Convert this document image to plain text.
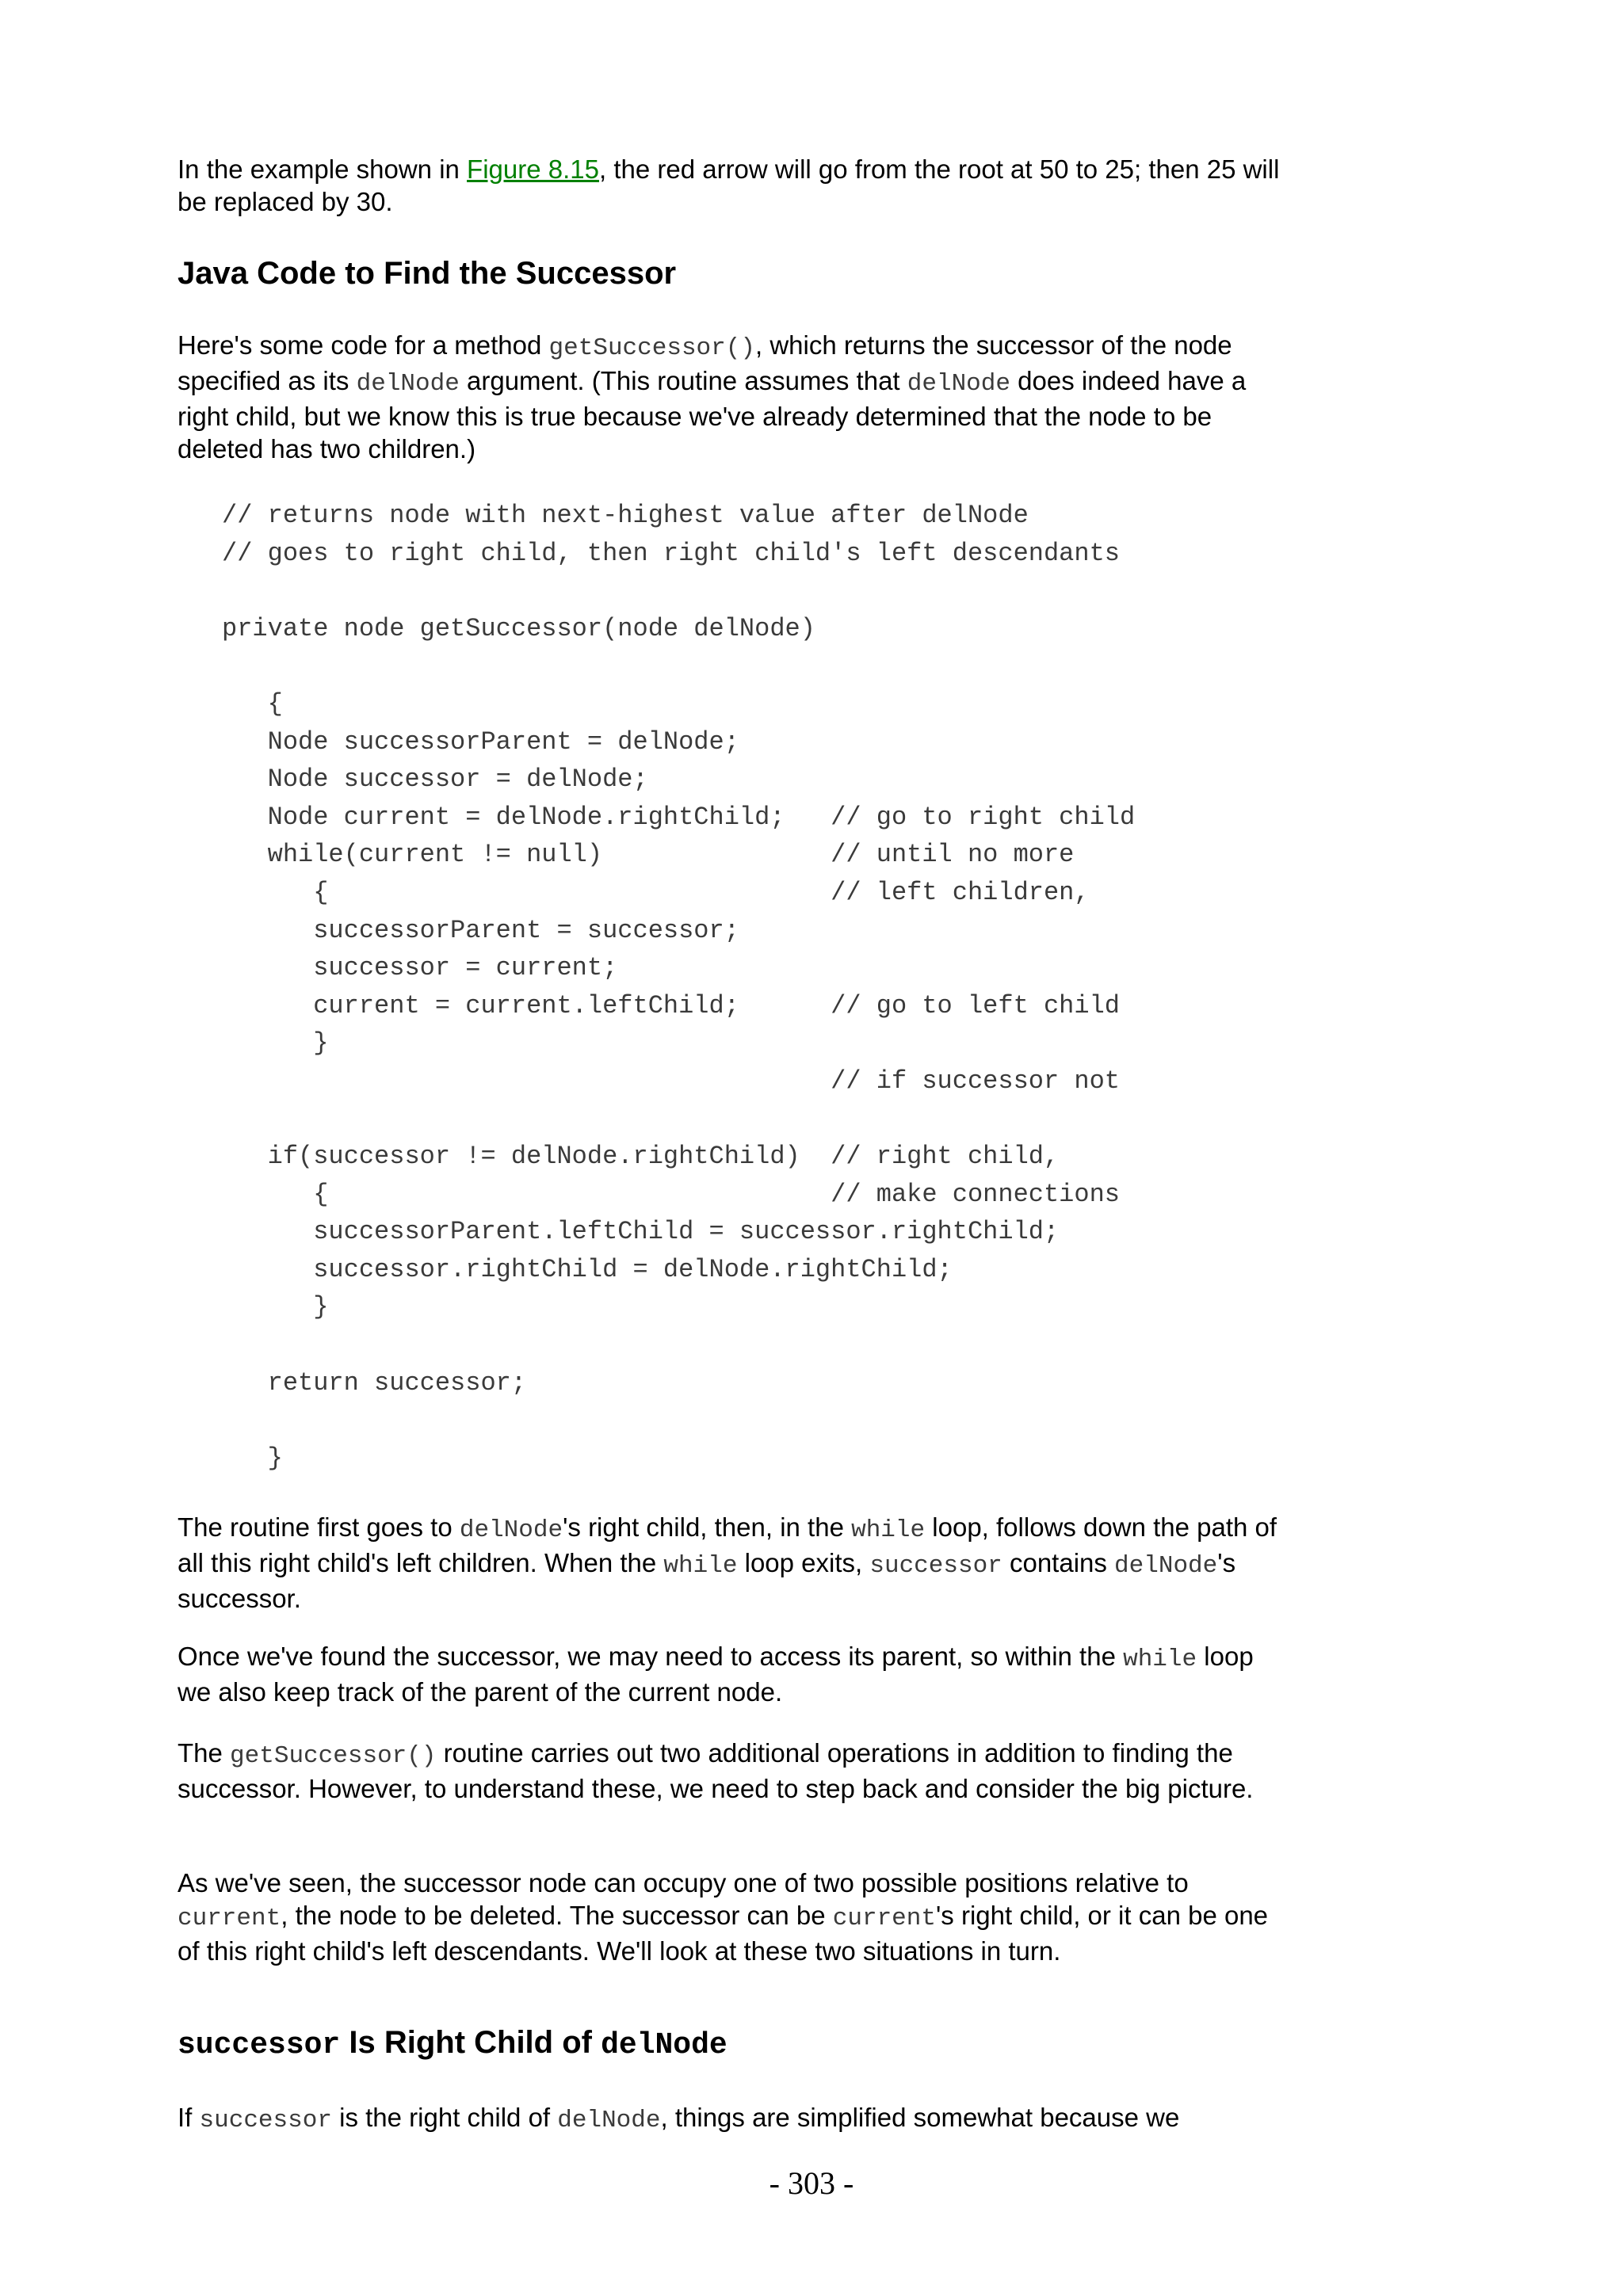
In the example shown in Figure 8.15, the red arrow will go from the root at 50 to 25; then 25 will be replaced by 30.

Java Code to Find the Successor

Here's some code for a method getSuccessor(), which returns the successor of the node specified as its delNode argument. (This routine assumes that delNode does indeed have a right child, but we know this is true because we've already determined that the node to be deleted has two children.)

// returns node with next-highest value after delNode
// goes to right child, then right child's left descendants
private node getSuccessor(node delNode)
{
Node successorParent = delNode;
Node successor = delNode;
Node current = delNode.rightChild;   // go to right child
while(current != null)               // until no more
{                                 // left children,
successorParent = successor;
successor = current;
current = current.leftChild;      // go to left child
}
// if successor not
if(successor != delNode.rightChild)  // right child,
{                                 // make connections
successorParent.leftChild = successor.rightChild;
successor.rightChild = delNode.rightChild;
}
return successor;
}

The routine first goes to delNode's right child, then, in the while loop, follows down the path of all this right child's left children. When the while loop exits, successor contains delNode's successor.

Once we've found the successor, we may need to access its parent, so within the while loop we also keep track of the parent of the current node.

The getSuccessor() routine carries out two additional operations in addition to finding the successor. However, to understand these, we need to step back and consider the big picture.

As we've seen, the successor node can occupy one of two possible positions relative to current, the node to be deleted. The successor can be current's right child, or it can be one of this right child's left descendants. We'll look at these two situations in turn.

successor Is Right Child of delNode

If successor is the right child of delNode, things are simplified somewhat because we

- 303 -
